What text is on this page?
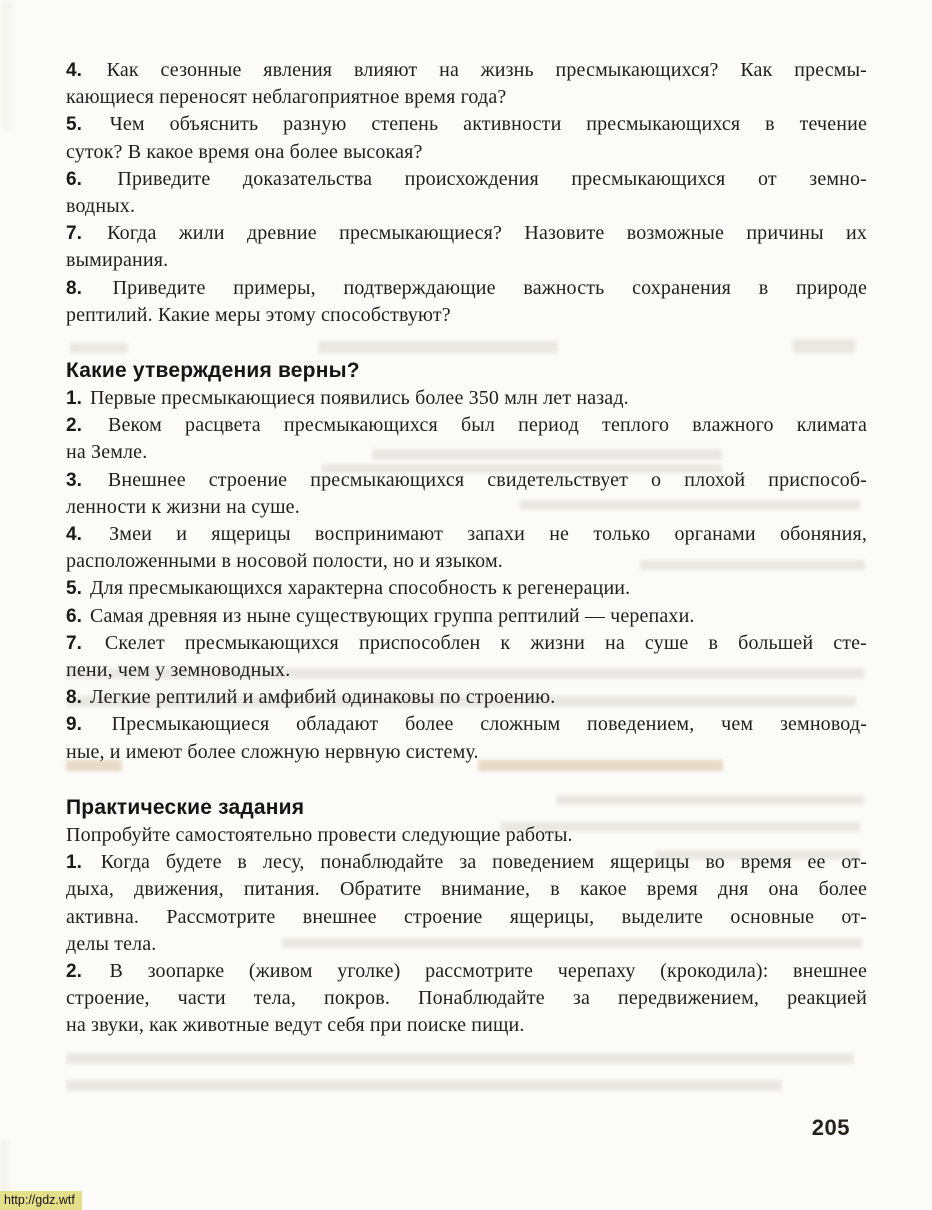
4. Как сезонные явления влияют на жизнь пресмыкающихся? Как пресмы-
кающиеся переносят неблагоприятное время года?
5. Чем объяснить разную степень активности пресмыкающихся в течение
суток? В какое время она более высокая?
6. Приведите доказательства происхождения пресмыкающихся от земно-
водных.
7. Когда жили древние пресмыкающиеся? Назовите возможные причины их
вымирания.
8. Приведите примеры, подтверждающие важность сохранения в природе
рептилий. Какие меры этому способствуют?
Какие утверждения верны?
1. Первые пресмыкающиеся появились более 350 млн лет назад.
2. Веком расцвета пресмыкающихся был период теплого влажного климата
на Земле.
3. Внешнее строение пресмыкающихся свидетельствует о плохой приспособ-
ленности к жизни на суше.
4. Змеи и ящерицы воспринимают запахи не только органами обоняния,
расположенными в носовой полости, но и языком.
5. Для пресмыкающихся характерна способность к регенерации.
6. Самая древняя из ныне существующих группа рептилий — черепахи.
7. Скелет пресмыкающихся приспособлен к жизни на суше в большей сте-
пени, чем у земноводных.
8. Легкие рептилий и амфибий одинаковы по строению.
9. Пресмыкающиеся обладают более сложным поведением, чем земновод-
ные, и имеют более сложную нервную систему.
Практические задания
Попробуйте самостоятельно провести следующие работы.
1. Когда будете в лесу, понаблюдайте за поведением ящерицы во время ее от-
дыха, движения, питания. Обратите внимание, в какое время дня она более
активна. Рассмотрите внешнее строение ящерицы, выделите основные от-
делы тела.
2. В зоопарке (живом уголке) рассмотрите черепаху (крокодила): внешнее
строение, части тела, покров. Понаблюдайте за передвижением, реакцией
на звуки, как животные ведут себя при поиске пищи.
205
http://gdz.wtf
